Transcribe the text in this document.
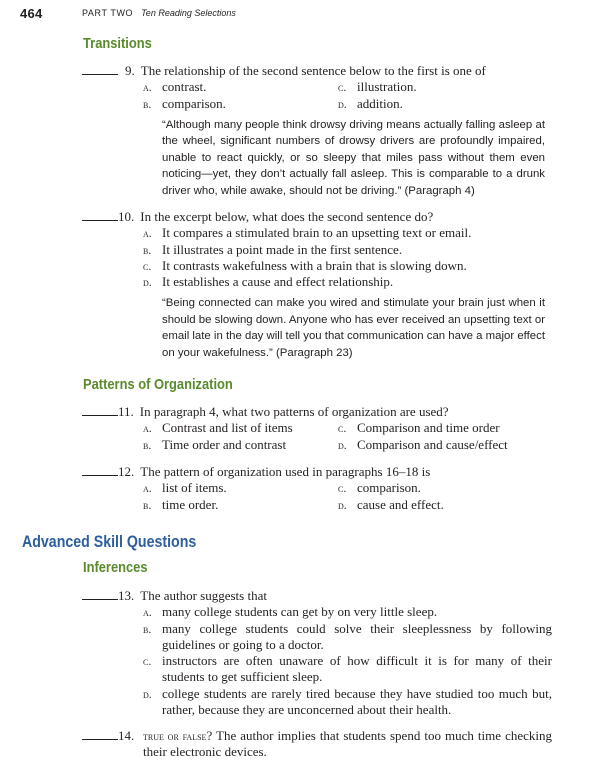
464	PART TWO Ten Reading Selections
Transitions
9. The relationship of the second sentence below to the first is one of
a. contrast.	c. illustration.
b. comparison.	d. addition.
“Although many people think drowsy driving means actually falling asleep at the wheel, significant numbers of drowsy drivers are profoundly impaired, unable to react quickly, or so sleepy that miles pass without them even noticing—yet, they don’t actually fall asleep. This is comparable to a drunk driver who, while awake, should not be driving.” (Paragraph 4)
10. In the excerpt below, what does the second sentence do?
a. It compares a stimulated brain to an upsetting text or email.
b. It illustrates a point made in the first sentence.
c. It contrasts wakefulness with a brain that is slowing down.
d. It establishes a cause and effect relationship.
“Being connected can make you wired and stimulate your brain just when it should be slowing down. Anyone who has ever received an upsetting text or email late in the day will tell you that communication can have a major effect on your wakefulness.” (Paragraph 23)
Patterns of Organization
11. In paragraph 4, what two patterns of organization are used?
a. Contrast and list of items	c. Comparison and time order
b. Time order and contrast	d. Comparison and cause/effect
12. The pattern of organization used in paragraphs 16–18 is
a. list of items.	c. comparison.
b. time order.	d. cause and effect.
Advanced Skill Questions
Inferences
13. The author suggests that
a. many college students can get by on very little sleep.
b. many college students could solve their sleeplessness by following guidelines or going to a doctor.
c. instructors are often unaware of how difficult it is for many of their students to get sufficient sleep.
d. college students are rarely tired because they have studied too much but, rather, because they are unconcerned about their health.
14. true or false? The author implies that students spend too much time checking their electronic devices.
